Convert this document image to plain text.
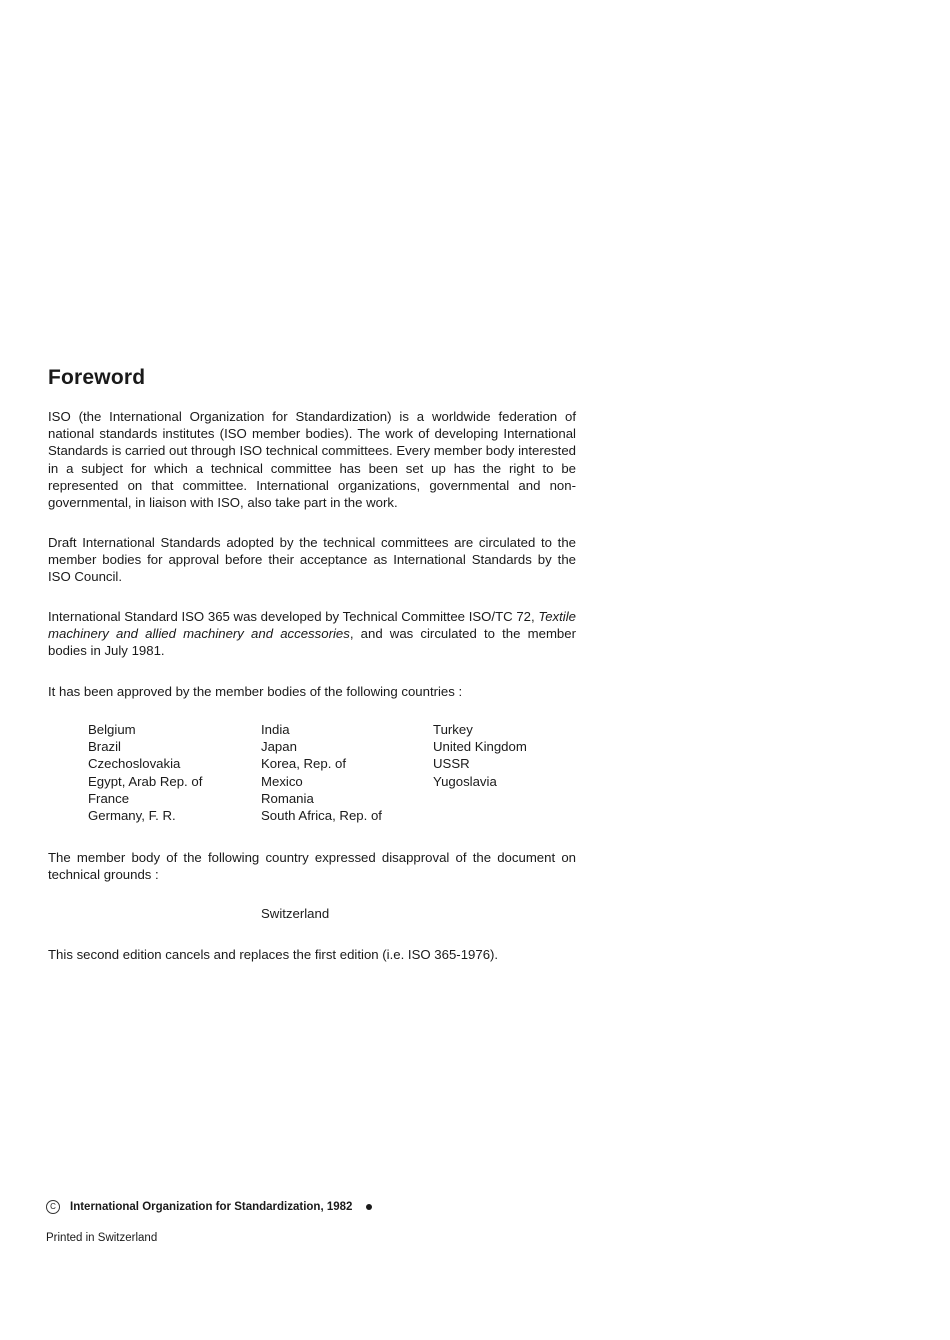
Foreword

ISO (the International Organization for Standardization) is a worldwide federation of national standards institutes (ISO member bodies). The work of developing International Standards is carried out through ISO technical committees. Every member body interested in a subject for which a technical committee has been set up has the right to be represented on that committee. International organizations, governmental and non-governmental, in liaison with ISO, also take part in the work.

Draft International Standards adopted by the technical committees are circulated to the member bodies for approval before their acceptance as International Standards by the ISO Council.

International Standard ISO 365 was developed by Technical Committee ISO/TC 72, Textile machinery and allied machinery and accessories, and was circulated to the member bodies in July 1981.

It has been approved by the member bodies of the following countries :

Belgium
Brazil
Czechoslovakia
Egypt, Arab Rep. of
France
Germany, F. R.
India
Japan
Korea, Rep. of
Mexico
Romania
South Africa, Rep. of
Turkey
United Kingdom
USSR
Yugoslavia

The member body of the following country expressed disapproval of the document on technical grounds :

Switzerland

This second edition cancels and replaces the first edition (i.e. ISO 365-1976).

C International Organization for Standardization, 1982
Printed in Switzerland
